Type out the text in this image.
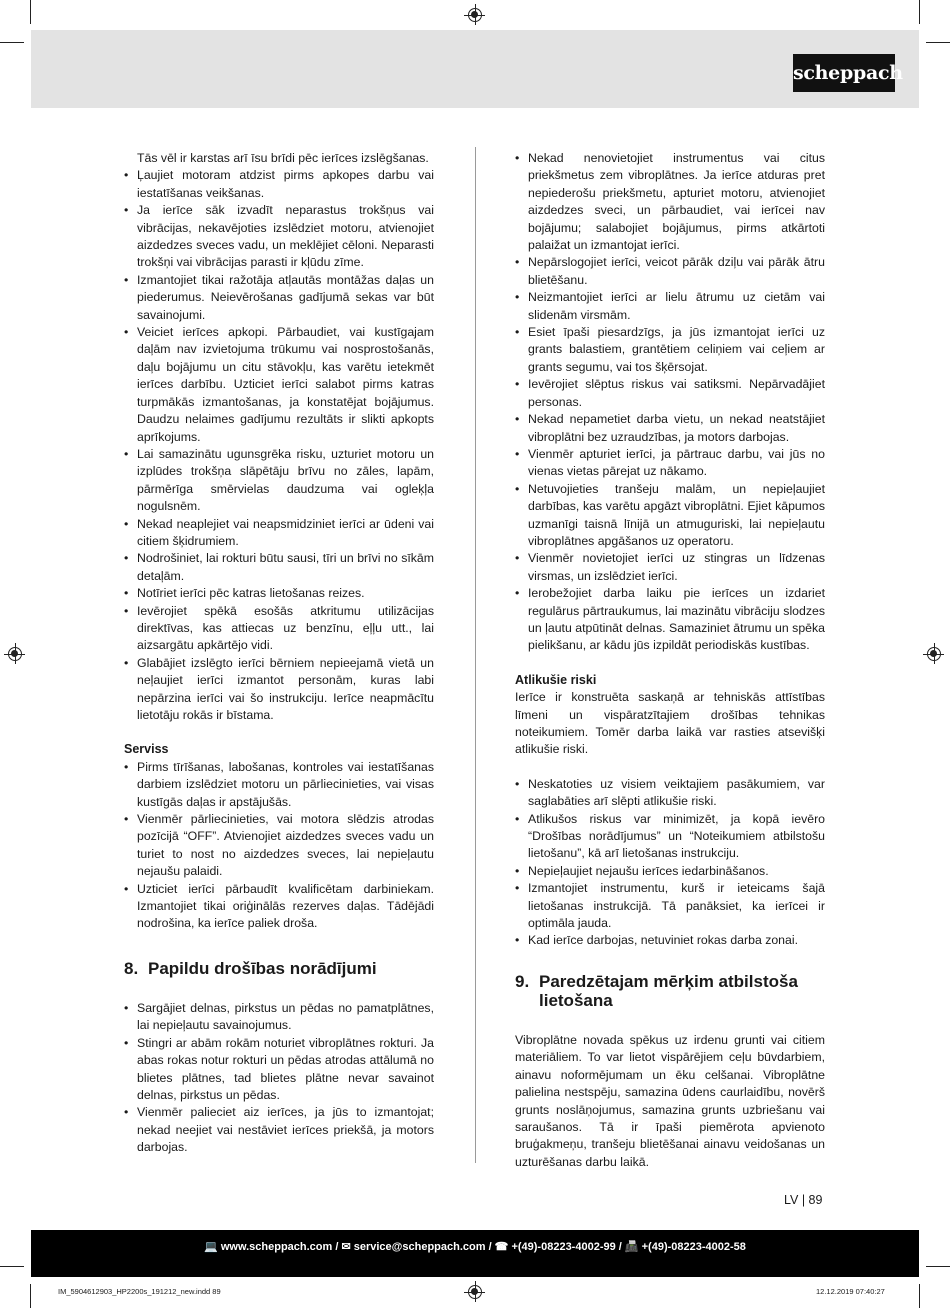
scheppach

Tās vēl ir karstas arī īsu brīdi pēc ierīces izslēgšanas.

• Ļaujiet motoram atdzist pirms apkopes darbu vai iestatīšanas veikšanas.
• Ja ierīce sāk izvadīt neparastus trokšņus vai vibrācijas, nekavējoties izslēdziet motoru, atvienojiet aizdedzes sveces vadu, un meklējiet cēloni. Neparasti trokšņi vai vibrācijas parasti ir kļūdu zīme.
• Izmantojiet tikai ražotāja atļautās montāžas daļas un piederumus. Neievērošanas gadījumā sekas var būt savainojumi.
• Veiciet ierīces apkopi. Pārbaudiet, vai kustīgajam daļām nav izvietojuma trūkumu vai nosprostošanās, daļu bojājumu un citu stāvokļu, kas varētu ietekmēt ierīces darbību. Uzticiet ierīci salabot pirms katras turpmākās izmantošanas, ja konstatējat bojājumus. Daudzu nelaimes gadījumu rezultāts ir slikti apkopts aprīkojums.
• Lai samazinātu ugunsgrēka risku, uzturiet motoru un izplūdes trokšņa slāpētāju brīvu no zāles, lapām, pārmērīga smērvielas daudzuma vai ogleķļa nogulsnēm.
• Nekad neaplejiet vai neapsmidziniet ierīci ar ūdeni vai citiem šķidrumiem.
• Nodrošiniet, lai rokturi būtu sausi, tīri un brīvi no sīkām detaļām.
• Notīriet ierīci pēc katras lietošanas reizes.
• Ievērojiet spēkā esošās atkritumu utilizācijas direktīvas, kas attiecas uz benzīnu, eļļu utt., lai aizsargātu apkārtējo vidi.
• Glabājiet izslēgto ierīci bērniem nepieejamā vietā un neļaujiet ierīci izmantot personām, kuras labi nepārzina ierīci vai šo instrukciju. Ierīce neapmācītu lietotāju rokās ir bīstama.

Serviss

• Pirms tīrīšanas, labošanas, kontroles vai iestatīšanas darbiem izslēdziet motoru un pārliecinieties, vai visas kustīgās daļas ir apstājušās.
• Vienmēr pārliecinieties, vai motora slēdzis atrodas pozīcijā “OFF”. Atvienojiet aizdedzes sveces vadu un turiet to nost no aizdedzes sveces, lai nepieļautu nejaušu palaidi.
• Uzticiet ierīci pārbaudīt kvalificētam darbiniekam. Izmantojiet tikai oriģinālās rezerves daļas. Tādējādi nodrošina, ka ierīce paliek droša.
8. Papildu drošības norādījumi
• Sargājiet delnas, pirkstus un pēdas no pamatplātnes, lai nepieļautu savainojumus.
• Stingri ar abām rokām noturiet vibroplātnes rokturi. Ja abas rokas notur rokturi un pēdas atrodas attālumā no blietes plātnes, tad blietes plātne nevar savainot delnas, pirkstus un pēdas.
• Vienmēr palieciet aiz ierīces, ja jūs to izmantojat; nekad neejiet vai nestāviet ierīces priekšā, ja motors darbojas.
• Nekad nenovietojiet instrumentus vai citus priekšmetus zem vibroplātnes. Ja ierīce atduras pret nepiederošu priekšmetu, apturiet motoru, atvienojiet aizdedzes sveci, un pārbaudiet, vai ierīcei nav bojājumu; salabojiet bojājumus, pirms atkārtoti palaižat un izmantojat ierīci.
• Nepārslogojiet ierīci, veicot pārāk dziļu vai pārāk ātru blietēšanu.
• Neizmantojiet ierīci ar lielu ātrumu uz cietām vai slidenām virsmām.
• Esiet īpaši piesardzīgs, ja jūs izmantojat ierīci uz grants balastiem, grantētiem celiņiem vai ceļiem ar grants segumu, vai tos šķērsojat.
• Ievērojiet slēptus riskus vai satiksmi. Nepārvadājiet personas.
• Nekad nepametiet darba vietu, un nekad neatstājiet vibroplātni bez uzraudzības, ja motors darbojas.
• Vienmēr apturiet ierīci, ja pārtrauc darbu, vai jūs no vienas vietas pārejat uz nākamo.
• Netuvojieties tranšeju malām, un nepieļaujiet darbības, kas varētu apgāzt vibroplātni. Ejiet kāpumos uzmanīgi taisnā līnijā un atmuguriski, lai nepieļautu vibroplātnes apgāšanos uz operatoru.
• Vienmēr novietojiet ierīci uz stingras un līdzenas virsmas, un izslēdziet ierīci.
• Ierobežojiet darba laiku pie ierīces un izdariet regulārus pārtraukumus, lai mazinātu vibrāciju slodzes un ļautu atpūtināt delnas. Samaziniet ātrumu un spēka pielikšanu, ar kādu jūs izpildāt periodiskās kustības.

Atlikušie riski

Ierīce ir konstruēta saskaņā ar tehniskās attīstības līmeni un vispāratzītajiem drošības tehnikas noteikumiem. Tomēr darba laikā var rasties atsevišķi atlikušie riski.

• Neskatoties uz visiem veiktajiem pasākumiem, var saglabāties arī slēpti atlikušie riski.
• Atlikušos riskus var minimizēt, ja kopā ievēro “Drošības norādījumus” un “Noteikumiem atbilstošu lietošanu”, kā arī lietošanas instrukciju.
• Nepieļaujiet nejaušu ierīces iedarbināšanos.
• Izmantojiet instrumentu, kurš ir ieteicams šajā lietošanas instrukcijā. Tā panāksiet, ka ierīcei ir optimāla jauda.
• Kad ierīce darbojas, netuviniet rokas darba zonai.
9. Paredzētajam mērķim atbilstoša lietošana

Vibroplātne novada spēkus uz irdenu grunti vai citiem materiāliem. To var lietot vispārējiem ceļu būvdarbiem, ainavu noformējumam un ēku celšanai. Vibroplātne palielina nestspēju, samazina ūdens caurlaidību, novērš grunts noslāņojumus, samazina grunts uzbriešanu vai saraušanos. Tā ir īpaši piemērota apvienoto bruģakmeņu, tranšeju blietēšanai ainavu veidošanas un uzturēšanas darbu laikā.

LV | 89
💻 www.scheppach.com / ✉ service@scheppach.com / ☎ +(49)-08223-4002-99 / 📠 +(49)-08223-4002-58
IM_5904612903_HP2200s_191212_new.indd 89	12.12.2019 07:40:27
